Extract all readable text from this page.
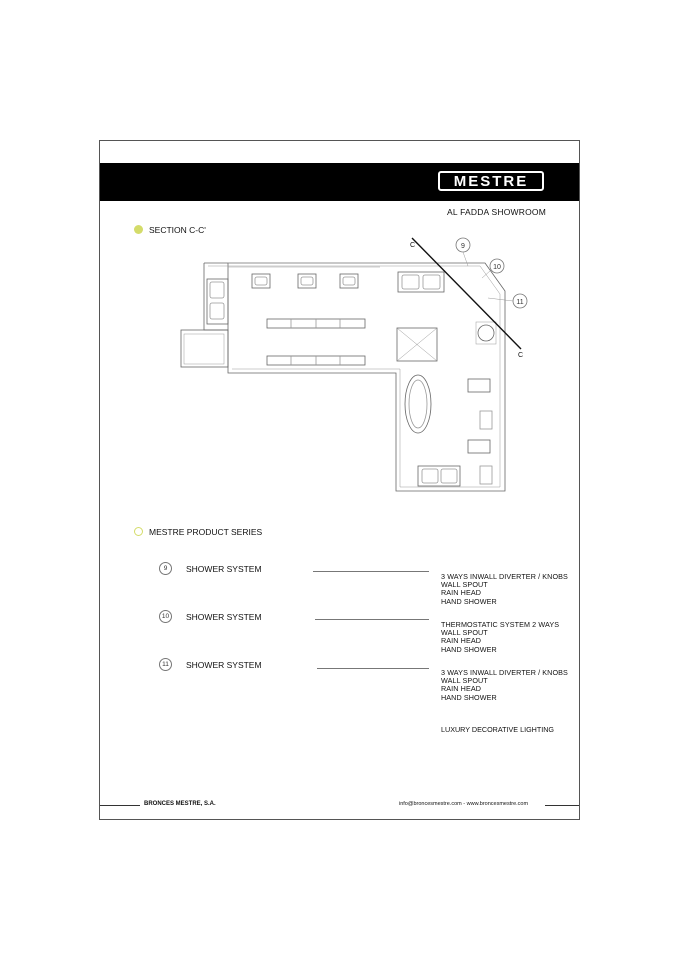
MESTRE
AL FADDA SHOWROOM
SECTION C-C'
C
C
9
10
11
MESTRE PRODUCT SERIES
9	SHOWER SYSTEM
3 WAYS INWALL DIVERTER / KNOBS
WALL SPOUT
RAIN HEAD
HAND SHOWER
10	SHOWER SYSTEM
THERMOSTATIC SYSTEM 2 WAYS
WALL SPOUT
RAIN HEAD
HAND SHOWER
11	SHOWER SYSTEM
3 WAYS INWALL DIVERTER / KNOBS
WALL SPOUT
RAIN HEAD
HAND SHOWER
LUXURY DECORATIVE LIGHTING
BRONCES MESTRE, S.A.	info@broncesmestre.com - www.broncesmestre.com
